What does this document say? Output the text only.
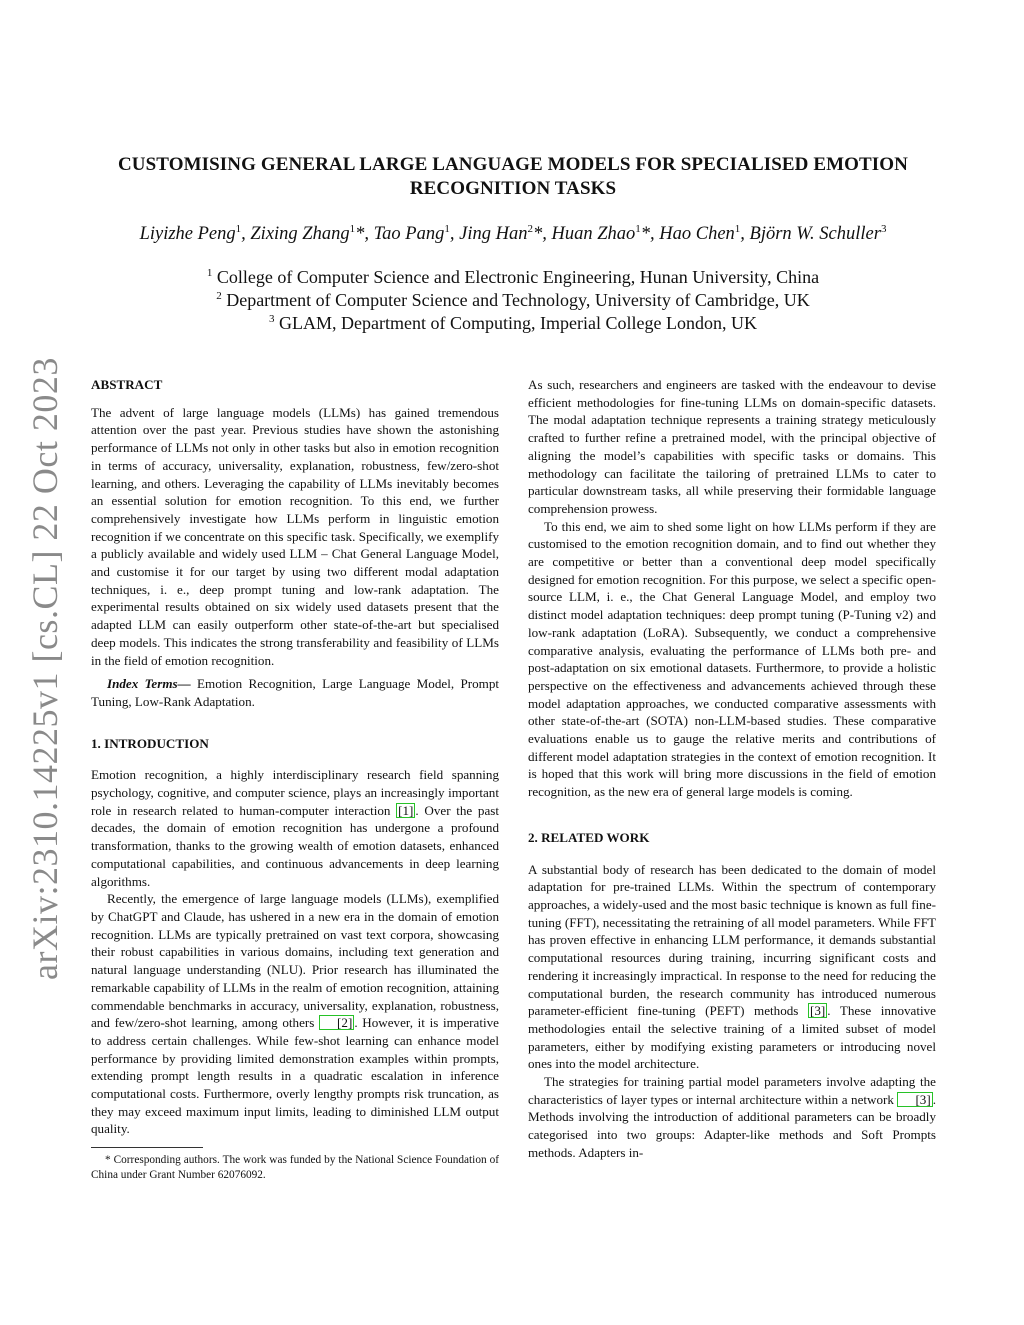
arXiv:2310.14225v1 [cs.CL] 22 Oct 2023
CUSTOMISING GENERAL LARGE LANGUAGE MODELS FOR SPECIALISED EMOTION
RECOGNITION TASKS
Liyizhe Peng$^1$, Zixing Zhang$^1$*, Tao Pang$^1$, Jing Han$^2$*, Huan Zhao$^1$*, Hao Chen$^1$, Björn W. Schuller$^3$
$^1$ College of Computer Science and Electronic Engineering, Hunan University, China
$^2$ Department of Computer Science and Technology, University of Cambridge, UK
$^3$ GLAM, Department of Computing, Imperial College London, UK

ABSTRACT

The advent of large language models (LLMs) has gained tremendous attention over the past year. Previous studies have shown the astonishing performance of LLMs not only in other tasks but also in emotion recognition in terms of accuracy, universality, explanation, robustness, few/zero-shot learning, and others. Leveraging the capability of LLMs inevitably becomes an essential solution for emotion recognition. To this end, we further comprehensively investigate how LLMs perform in linguistic emotion recognition if we concentrate on this specific task. Specifically, we exemplify a publicly available and widely used LLM – Chat General Language Model, and customise it for our target by using two different modal adaptation techniques, i. e., deep prompt tuning and low-rank adaptation. The experimental results obtained on six widely used datasets present that the adapted LLM can easily outperform other state-of-the-art but specialised deep models. This indicates the strong transferability and feasibility of LLMs in the field of emotion recognition.

Index Terms— Emotion Recognition, Large Language Model, Prompt Tuning, Low-Rank Adaptation.

1. INTRODUCTION

Emotion recognition, a highly interdisciplinary research field spanning psychology, cognitive, and computer science, plays an increasingly important role in research related to human-computer interaction [1] . Over the past decades, the domain of emotion recognition has undergone a profound transformation, thanks to the growing wealth of emotion datasets, enhanced computational capabilities, and continuous advancements in deep learning algorithms.

Recently, the emergence of large language models (LLMs), exemplified by ChatGPT and Claude, has ushered in a new era in the domain of emotion recognition. LLMs are typically pretrained on vast text corpora, showcasing their robust capabilities in various domains, including text generation and natural language understanding (NLU). Prior research has illuminated the remarkable capability of LLMs in the realm of emotion recognition, attaining commendable benchmarks in accuracy, universality, explanation, robustness, and few/zero-shot learning, among others [2] . However, it is imperative to address certain challenges. While few-shot learning can enhance model performance by providing limited demonstration examples within prompts, extending prompt length results in a quadratic escalation in inference computational costs. Furthermore, overly lengthy prompts risk truncation, as they may exceed maximum input limits, leading to diminished LLM output quality.

* Corresponding authors. The work was funded by the National Science Foundation of China under Grant Number 62076092.

As such, researchers and engineers are tasked with the endeavour to devise efficient methodologies for fine-tuning LLMs on domain-specific datasets. The modal adaptation technique represents a training strategy meticulously crafted to further refine a pretrained model, with the principal objective of aligning the model’s capabilities with specific tasks or domains. This methodology can facilitate the tailoring of pretrained LLMs to cater to particular downstream tasks, all while preserving their formidable language comprehension prowess.

To this end, we aim to shed some light on how LLMs perform if they are customised to the emotion recognition domain, and to find out whether they are competitive or better than a conventional deep model specifically designed for emotion recognition. For this purpose, we select a specific open-source LLM, i. e., the Chat General Language Model, and employ two distinct model adaptation techniques: deep prompt tuning (P-Tuning v2) and low-rank adaptation (LoRA). Subsequently, we conduct a comprehensive comparative analysis, evaluating the performance of LLMs both pre- and post-adaptation on six emotional datasets. Furthermore, to provide a holistic perspective on the effectiveness and advancements achieved through these model adaptation approaches, we conducted comparative assessments with other state-of-the-art (SOTA) non-LLM-based studies. These comparative evaluations enable us to gauge the relative merits and contributions of different model adaptation strategies in the context of emotion recognition. It is hoped that this work will bring more discussions in the field of emotion recognition, as the new era of general large models is coming.

2. RELATED WORK

A substantial body of research has been dedicated to the domain of model adaptation for pre-trained LLMs. Within the spectrum of contemporary approaches, a widely-used and the most basic technique is known as full fine-tuning (FFT), necessitating the retraining of all model parameters. While FFT has proven effective in enhancing LLM performance, it demands substantial computational resources during training, incurring significant costs and rendering it increasingly impractical. In response to the need for reducing the computational burden, the research community has introduced numerous parameter-efficient fine-tuning (PEFT) methods [3] . These innovative methodologies entail the selective training of a limited subset of model parameters, either by modifying existing parameters or introducing novel ones into the model architecture.

The strategies for training partial model parameters involve adapting the characteristics of layer types or internal architecture within a network [3] . Methods involving the introduction of additional parameters can be broadly categorised into two groups: Adapter-like methods and Soft Prompts methods. Adapters in-
